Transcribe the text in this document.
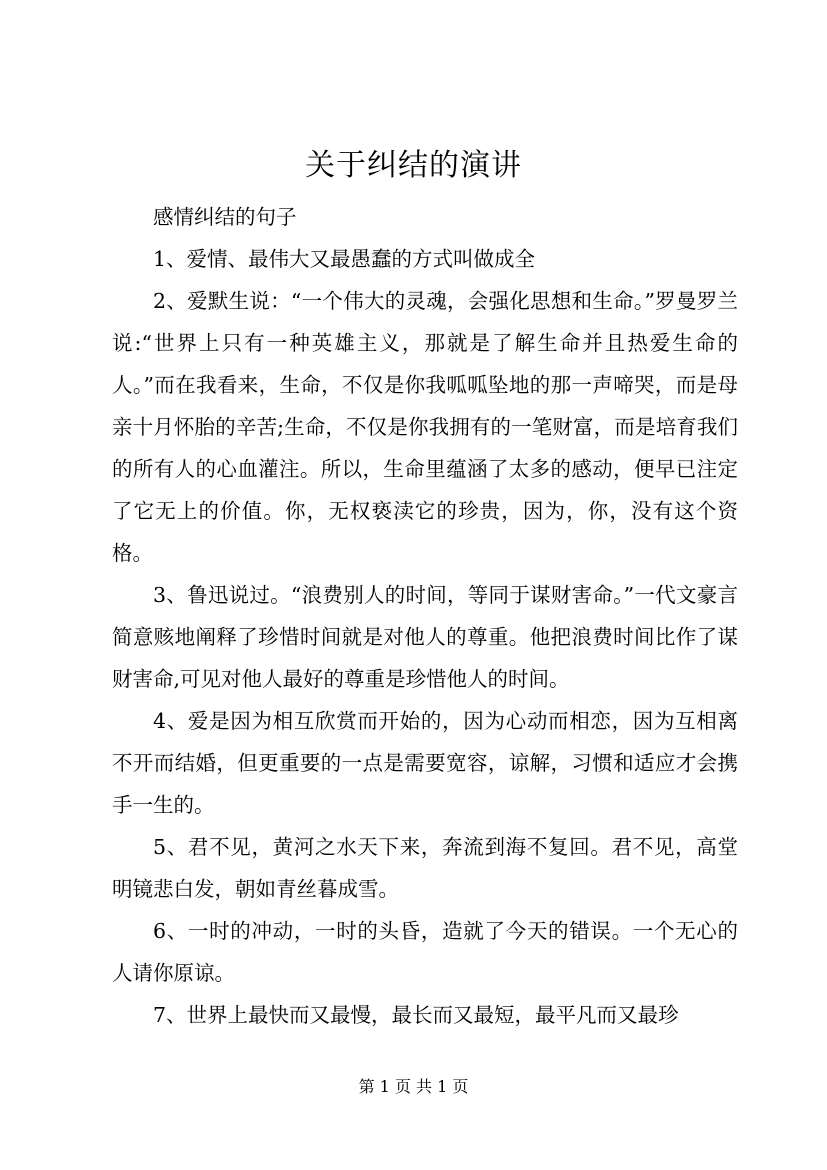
关于纠结的演讲

感情纠结的句子

1、爱情、最伟大又最愚蠢的方式叫做成全

2、爱默生说：“一个伟大的灵魂，会强化思想和生命。”罗曼罗兰说:“世界上只有一种英雄主义，那就是了解生命并且热爱生命的人。”而在我看来，生命，不仅是你我呱呱坠地的那一声啼哭，而是母亲十月怀胎的辛苦;生命，不仅是你我拥有的一笔财富，而是培育我们的所有人的心血灌注。所以，生命里蕴涵了太多的感动，便早已注定了它无上的价值。你，无权亵渎它的珍贵，因为，你，没有这个资格。

3、鲁迅说过。“浪费别人的时间，等同于谋财害命。”一代文豪言简意赅地阐释了珍惜时间就是对他人的尊重。他把浪费时间比作了谋财害命,可见对他人最好的尊重是珍惜他人的时间。

4、爱是因为相互欣赏而开始的，因为心动而相恋，因为互相离不开而结婚，但更重要的一点是需要宽容，谅解，习惯和适应才会携手一生的。

5、君不见，黄河之水天下来，奔流到海不复回。君不见，高堂明镜悲白发，朝如青丝暮成雪。

6、一时的冲动，一时的头昏，造就了今天的错误。一个无心的人请你原谅。

7、世界上最快而又最慢，最长而又最短，最平凡而又最珍

第 1 页 共 1 页
